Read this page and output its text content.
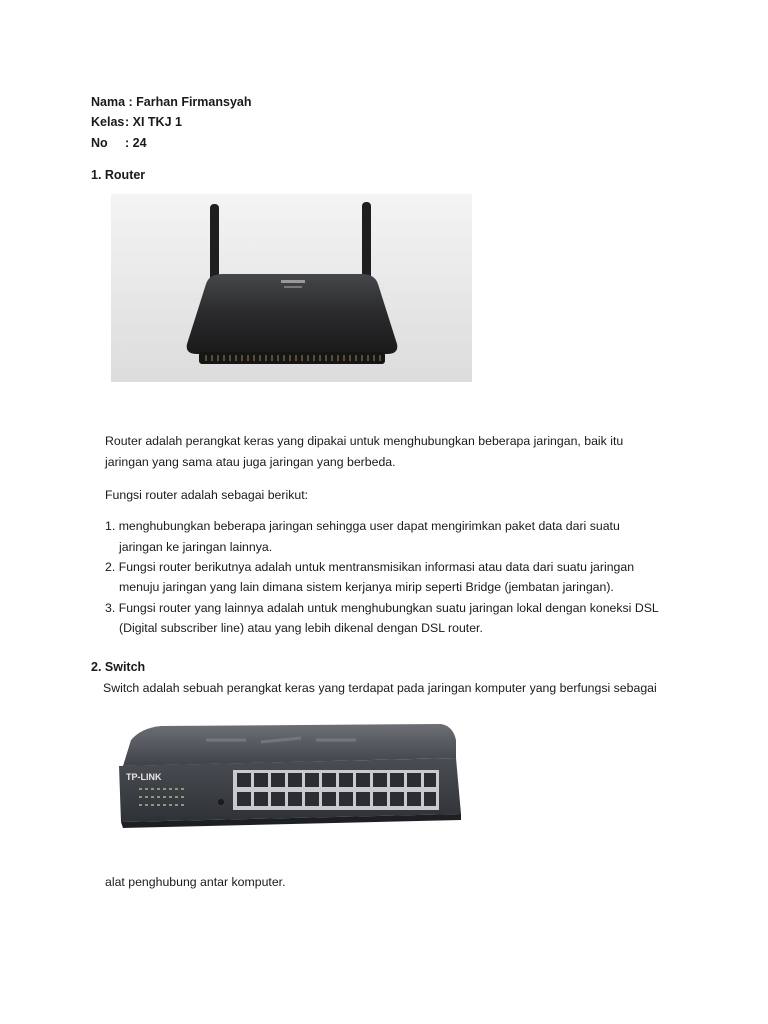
Nama : Farhan Firmansyah
Kelas: XI TKJ 1
No : 24
1. Router
Router adalah perangkat keras yang dipakai untuk menghubungkan beberapa jaringan, baik itu
jaringan yang sama atau juga jaringan yang berbeda.
Fungsi router adalah sebagai berikut:
1. menghubungkan beberapa jaringan sehingga user dapat mengirimkan paket data dari suatu
jaringan ke jaringan lainnya.
2. Fungsi router berikutnya adalah untuk mentransmisikan informasi atau data dari suatu jaringan
menuju jaringan yang lain dimana sistem kerjanya mirip seperti Bridge (jembatan jaringan).
3. Fungsi router yang lainnya adalah untuk menghubungkan suatu jaringan lokal dengan koneksi DSL
(Digital subscriber line) atau yang lebih dikenal dengan DSL router.
2. Switch
Switch adalah sebuah perangkat keras yang terdapat pada jaringan komputer yang berfungsi sebagai
TP-LINK
alat penghubung antar komputer.
